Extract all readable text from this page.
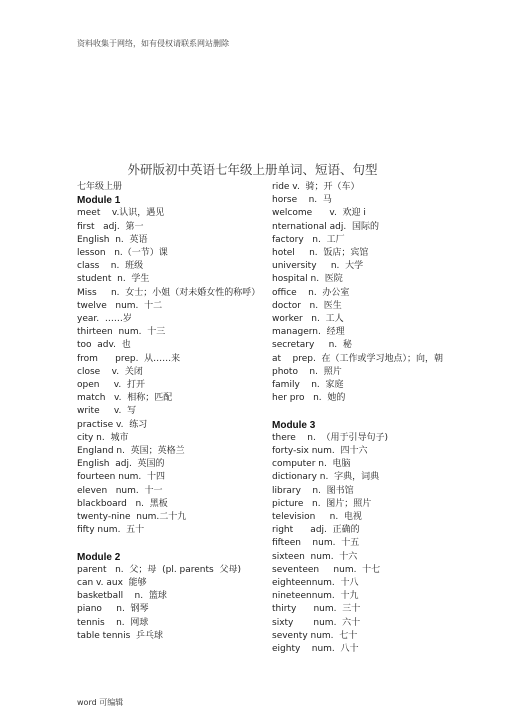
资料收集于网络，如有侵权请联系网站删除
外研版初中英语七年级上册单词、短语、句型
七年级上册
Module 1
meet    v.认识，遇见
first   adj.  第一
English  n.  英语
lesson   n.（一节）课
class    n.  班级
student  n.  学生
Miss     n.  女士；小姐（对未婚女性的称呼）
twelve   num.  十二
year.  ……岁
thirteen  num.  十三
too  adv.  也
from      prep.  从……来
close    v.  关闭
open     v.  打开
match   v.  相称；匹配
write     v.  写
practise v.  练习
city n.  城市
England n.  英国；英格兰
English  adj.  英国的
fourteen num.  十四
eleven   num.  十一
blackboard   n.  黑板
twenty-nine  num.二十九
fifty num.  五十
Module 2
parent   n.  父；母  (pl. parents  父母)
can v. aux  能够
basketball    n.  篮球
piano     n.  钢琴
tennis    n.  网球
table tennis  乒乓球
ride v.  骑；开（车）
horse    n.  马
welcome      v.  欢迎 i
nternational adj.  国际的
factory   n.  工厂
hotel     n.  饭店；宾馆
university     n.  大学
hospital n.  医院
office    n.  办公室
doctor   n.  医生
worker   n.  工人
managern.  经理
secretary     n.  秘
at    prep.  在（工作或学习地点）；向，朝
photo    n.  照片
family    n.  家庭
her pro   n.  她的
Module 3
there    n.  （用于引导句子)
forty-six num.  四十六
computer n.  电脑
dictionary n.  字典，词典
library    n.  图书馆
picture   n.  图片；照片
television     n.  电视
right      adj.  正确的
fifteen    num.  十五
sixteen  num.  十六
seventeen     num.  十七
eighteennum.  十八
nineteennum.  十九
thirty      num.  三十
sixty       num.  六十
seventy num.  七十
eighty    num.  八十
word 可编辑
